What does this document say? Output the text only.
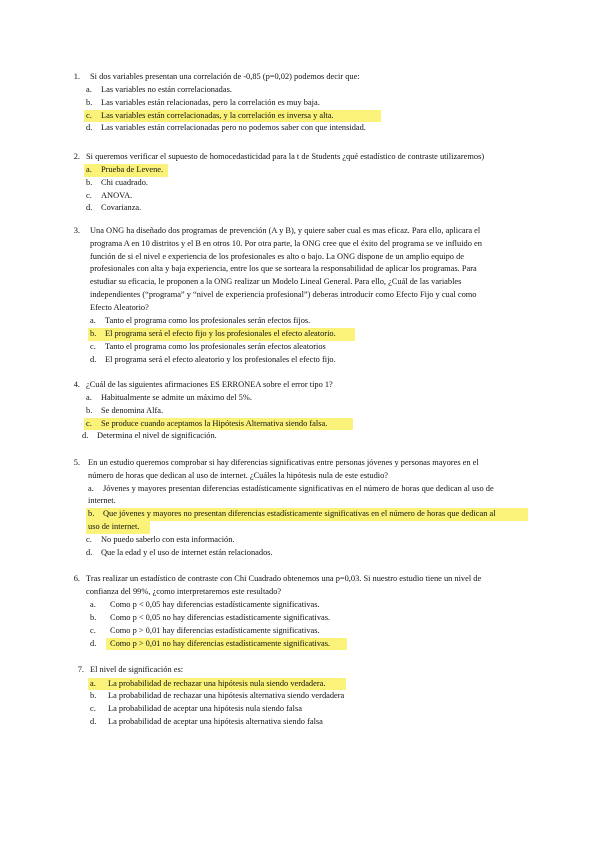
1. Si dos variables presentan una correlación de -0,85 (p=0,02) podemos decir que:
a. Las variables no están correlacionadas.
b. Las variables están relacionadas, pero la correlación es muy baja.
c. Las variables están correlacionadas, y la correlación es inversa y alta.
d. Las variables están correlacionadas pero no podemos saber con que intensidad.
2. Si queremos verificar el supuesto de homocedasticidad para la t de Students ¿qué estadístico de contraste utilizaremos)
a. Prueba de Levene.
b. Chi cuadrado.
c. ANOVA.
d. Covarianza.
3. Una ONG ha diseñado dos programas de prevención (A y B), y quiere saber cual es mas eficaz. Para ello, aplicara el
programa A en 10 distritos y el B en otros 10. Por otra parte, la ONG cree que el éxito del programa se ve influido en
función de si el nivel e experiencia de los profesionales es alto o bajo. La ONG dispone de un amplio equipo de
profesionales con alta y baja experiencia, entre los que se sorteara la responsabilidad de aplicar los programas. Para
estudiar su eficacia, le proponen a la ONG realizar un Modelo Lineal General. Para ello, ¿Cuál de las variables
independientes (“programa” y “nivel de experiencia profesional”) deberas introducir como Efecto Fijo y cual como
Efecto Aleatorio?
a. Tanto el programa como los profesionales serán efectos fijos.
b. El programa será el efecto fijo y los profesionales el efecto aleatorio.
c. Tanto el programa como los profesionales serán efectos aleatorios
d. El programa será el efecto aleatorio y los profesionales el efecto fijo.
4. ¿Cuál de las siguientes afirmaciones ES ERRONEA sobre el error tipo 1?
a. Habitualmente se admite un máximo del 5%.
b. Se denomina Alfa.
c. Se produce cuando aceptamos la Hipótesis Alternativa siendo falsa.
d. Determina el nivel de significación.
5. En un estudio queremos comprobar si hay diferencias significativas entre personas jóvenes y personas mayores en el
número de horas que dedican al uso de internet. ¿Cuáles la hipótesis nula de este estudio?
a. Jóvenes y mayores presentan diferencias estadísticamente significativas en el número de horas que dedican al uso de
internet.
b. Que jóvenes y mayores no presentan diferencias estadísticamente significativas en el número de horas que dedican al
uso de internet.
c. No puedo saberlo con esta información.
d. Que la edad y el uso de internet están relacionados.
6. Tras realizar un estadístico de contraste con Chi Cuadrado obtenemos una p=0,03. Si nuestro estudio tiene un nivel de
confianza del 99%, ¿como interpretaremos este resultado?
a. Como p < 0,05 hay diferencias estadísticamente significativas.
b. Como p < 0,05 no hay diferencias estadísticamente significativas.
c. Como p > 0,01 hay diferencias estadísticamente significativas.
d. Como p > 0,01 no hay diferencias estadísticamente significativas.
7. El nivel de significación es:
a. La probabilidad de rechazar una hipótesis nula siendo verdadera.
b. La probabilidad de rechazar una hipótesis alternativa siendo verdadera
c. La probabilidad de aceptar una hipótesis nula siendo falsa
d. La probabilidad de aceptar una hipótesis alternativa siendo falsa
